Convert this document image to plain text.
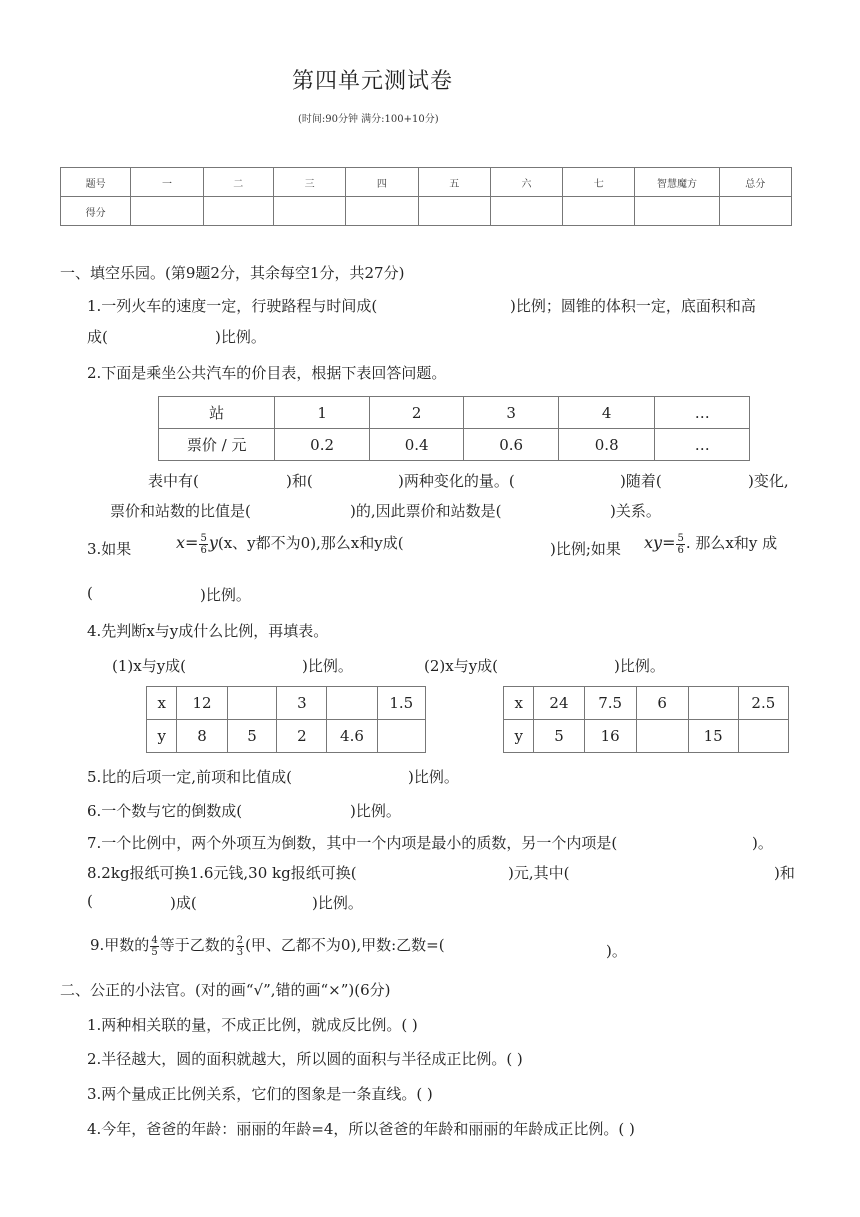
第四单元测试卷
(时间:90分钟 满分:100+10分)
题号	一	二	三	四	五	六	七	智慧魔方	总分
得分									
一、填空乐园。(第9题2分，其余每空1分，共27分)
1.一列火车的速度一定，行驶路程与时间成(	)比例；圆锥的体积一定，底面积和高
成(	)比例。
2.下面是乘坐公共汽车的价目表，根据下表回答问题。
站	1	2	3	4	…
票价 / 元	0.2	0.4	0.6	0.8	…
表中有(	)和(	)两种变化的量。(	)随着(	)变化,
票价和站数的比值是(	)的,因此票价和站数是(	)关系。
3.如果	$x= \frac{5}{6} y(x$、y都不为0),那么x和y成(	)比例;如果 $xy= \frac{5}{6}$ . 那么x和y 成
(	)比例。
4.先判断x与y成什么比例，再填表。
(1)x与y成(	)比例。	(2)x与y成(	)比例。
x	12		3		1.5
y	8	5	2	4.6	
x	24	7.5	6		2.5
y	5	16		15	
5.比的后项一定,前项和比值成(	)比例。
6.一个数与它的倒数成(	)比例。
7.一个比例中，两个外项互为倒数，其中一个内项是最小的质数，另一个内项是(	)。
8.2kg报纸可换1.6元钱,30 kg报纸可换(	)元,其中(	)和
(	)成(	)比例。
9.甲数的 $\frac{4}{5}$ 等于乙数的 $\frac{2}{3}$ (甲、乙都不为0),甲数:乙数=(	)。
二、公正的小法官。(对的画“√”,错的画“×”)(6分)
1.两种相关联的量，不成正比例，就成反比例。( )
2.半径越大，圆的面积就越大，所以圆的面积与半径成正比例。( )
3.两个量成正比例关系，它们的图象是一条直线。( )
4.今年，爸爸的年龄：丽丽的年龄=4，所以爸爸的年龄和丽丽的年龄成正比例。( )
